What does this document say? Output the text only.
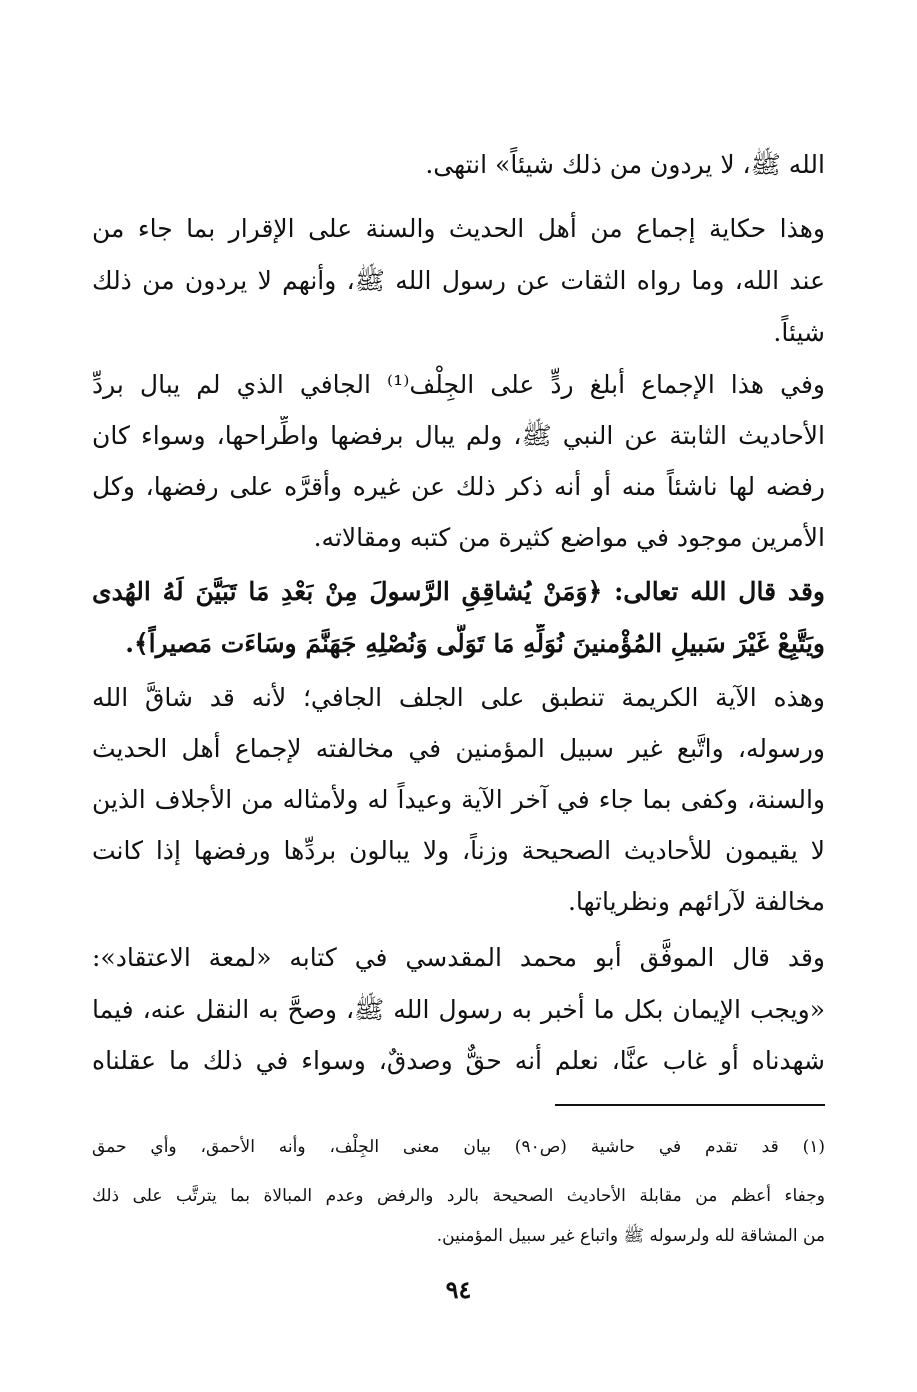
الله ﷺ، لا يردون من ذلك شيئاً» انتهى.
وهذا حكاية إجماع من أهل الحديث والسنة على الإقرار بما جاء من
عند الله، وما رواه الثقات عن رسول الله ﷺ، وأنهم لا يردون من ذلك
شيئاً.
وفي هذا الإجماع أبلغ ردٍّ على الجِلْف⁽¹⁾ الجافي الذي لم يبال بردِّ
الأحاديث الثابتة عن النبي ﷺ، ولم يبال برفضها واطِّراحها، وسواء كان
رفضه لها ناشئاً منه أو أنه ذكر ذلك عن غيره وأقرَّه على رفضها، وكل
الأمرين موجود في مواضع كثيرة من كتبه ومقالاته.
وقد قال الله تعالى: ﴿وَمَنْ يُشاقِقِ الرَّسولَ مِنْ بَعْدِ مَا تَبَيَّنَ لَهُ الهُدى
ويَتَّبِعْ غَيْرَ سَبيلِ المُؤْمنينَ نُوَلِّهِ مَا تَوَلَّى وَنُصْلِهِ جَهَنَّمَ وسَاءَت مَصيراً﴾.
وهذه الآية الكريمة تنطبق على الجلف الجافي؛ لأنه قد شاقَّ الله
ورسوله، واتَّبع غير سبيل المؤمنين في مخالفته لإجماع أهل الحديث
والسنة، وكفى بما جاء في آخر الآية وعيداً له ولأمثاله من الأجلاف الذين
لا يقيمون للأحاديث الصحيحة وزناً، ولا يبالون بردِّها ورفضها إذا كانت
مخالفة لآرائهم ونظرياتها.
وقد قال الموفَّق أبو محمد المقدسي في كتابه «لمعة الاعتقاد»:
«ويجب الإيمان بكل ما أخبر به رسول الله ﷺ، وصحَّ به النقل عنه، فيما
شهدناه أو غاب عنَّا، نعلم أنه حقٌّ وصدقٌ، وسواء في ذلك ما عقلناه
(١) قد تقدم في حاشية (ص٩٠) بيان معنى الجِلْف، وأنه الأحمق، وأي حمق
وجفاء أعظم من مقابلة الأحاديث الصحيحة بالرد والرفض وعدم المبالاة بما يترتَّب على ذلك
من المشاقة لله ولرسوله ﷺ واتباع غير سبيل المؤمنين.
٩٤
